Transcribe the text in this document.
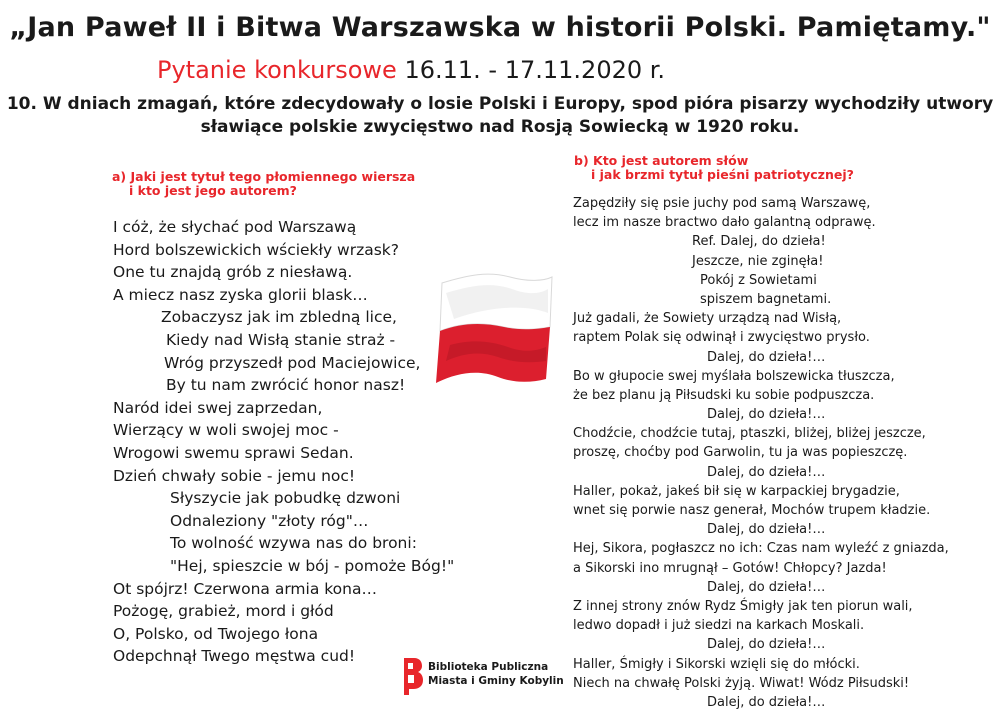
„Jan Paweł II i Bitwa Warszawska w historii Polski. Pamiętamy."
Pytanie konkursowe 16.11. - 17.11.2020 r.
10. W dniach zmagań, które zdecydowały o losie Polski i Europy, spod pióra pisarzy wychodziły utwory
sławiące polskie zwycięstwo nad Rosją Sowiecką w 1920 roku.
a) Jaki jest tytuł tego płomiennego wiersza
i kto jest jego autorem?
I cóż, że słychać pod Warszawą
Hord bolszewickich wściekły wrzask?
One tu znajdą grób z niesławą.
A miecz nasz zyska glorii blask…
Zobaczysz jak im zbledną lice,
Kiedy nad Wisłą stanie straż -
Wróg przyszedł pod Maciejowice,
By tu nam zwrócić honor nasz!
Naród idei swej zaprzedan,
Wierzący w woli swojej moc -
Wrogowi swemu sprawi Sedan.
Dzień chwały sobie - jemu noc!
Słyszycie jak pobudkę dzwoni
Odnaleziony "złoty róg"…
To wolność wzywa nas do broni:
"Hej, spieszcie w bój - pomoże Bóg!"
Ot spójrz! Czerwona armia kona…
Pożogę, grabież, mord i głód
O, Polsko, od Twojego łona
Odepchnął Twego męstwa cud!
b) Kto jest autorem słów
i jak brzmi tytuł pieśni patriotycznej?
Zapędziły się psie juchy pod samą Warszawę,
lecz im nasze bractwo dało galantną odprawę.
Ref. Dalej, do dzieła!
Jeszcze, nie zginęła!
Pokój z Sowietami
spiszem bagnetami.
Już gadali, że Sowiety urządzą nad Wisłą,
raptem Polak się odwinął i zwycięstwo prysło.
Dalej, do dzieła!…
Bo w głupocie swej myślała bolszewicka tłuszcza,
że bez planu ją Piłsudski ku sobie podpuszcza.
Dalej, do dzieła!…
Chodźcie, chodźcie tutaj, ptaszki, bliżej, bliżej jeszcze,
proszę, choćby pod Garwolin, tu ja was popieszczę.
Dalej, do dzieła!…
Haller, pokaż, jakeś bił się w karpackiej brygadzie,
wnet się porwie nasz generał, Mochów trupem kładzie.
Dalej, do dzieła!…
Hej, Sikora, pogłaszcz no ich: Czas nam wyleźć z gniazda,
a Sikorski ino mrugnął – Gotów! Chłopcy? Jazda!
Dalej, do dzieła!…
Z innej strony znów Rydz Śmigły jak ten piorun wali,
ledwo dopadł i już siedzi na karkach Moskali.
Dalej, do dzieła!…
Haller, Śmigły i Sikorski wzięli się do młócki.
Niech na chwałę Polski żyją. Wiwat! Wódz Piłsudski!
Dalej, do dzieła!…
Biblioteka Publiczna
Miasta i Gminy Kobylin
